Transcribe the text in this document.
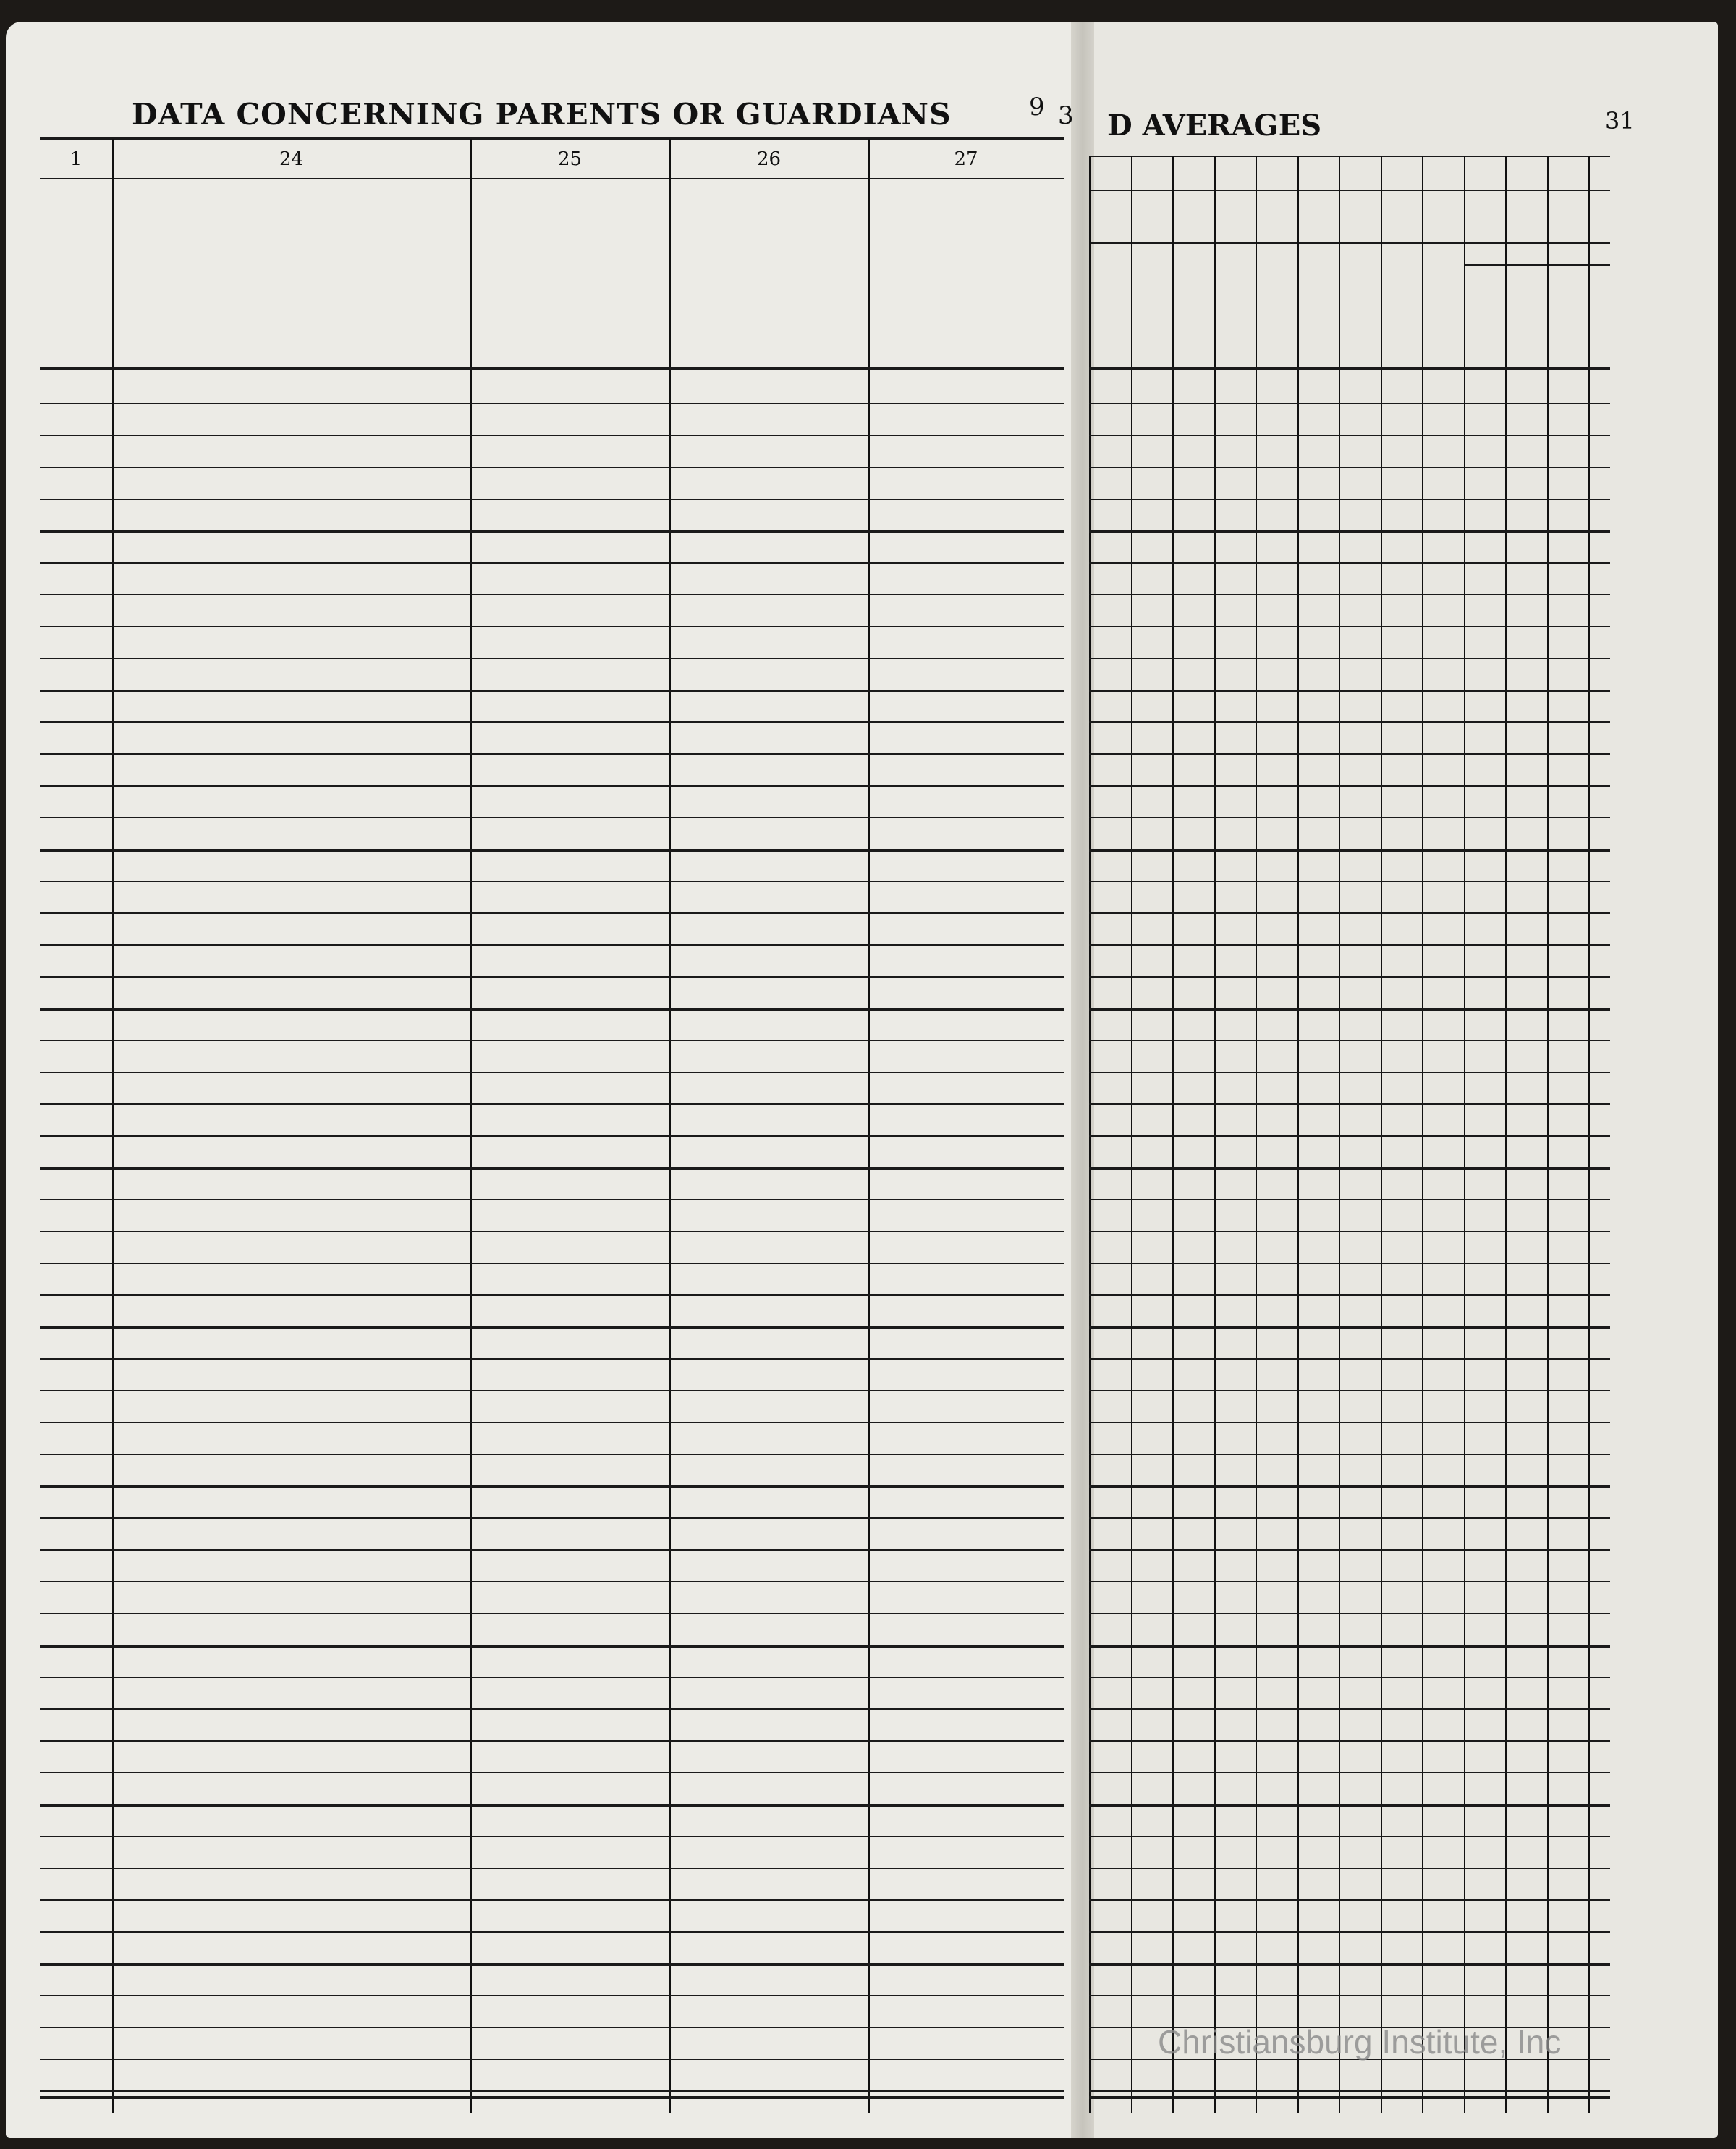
DATA CONCERNING PARENTS OR GUARDIANS	9 3 D AVERAGES	31
1	24	25	26	27
Christiansburg Institute, Inc
